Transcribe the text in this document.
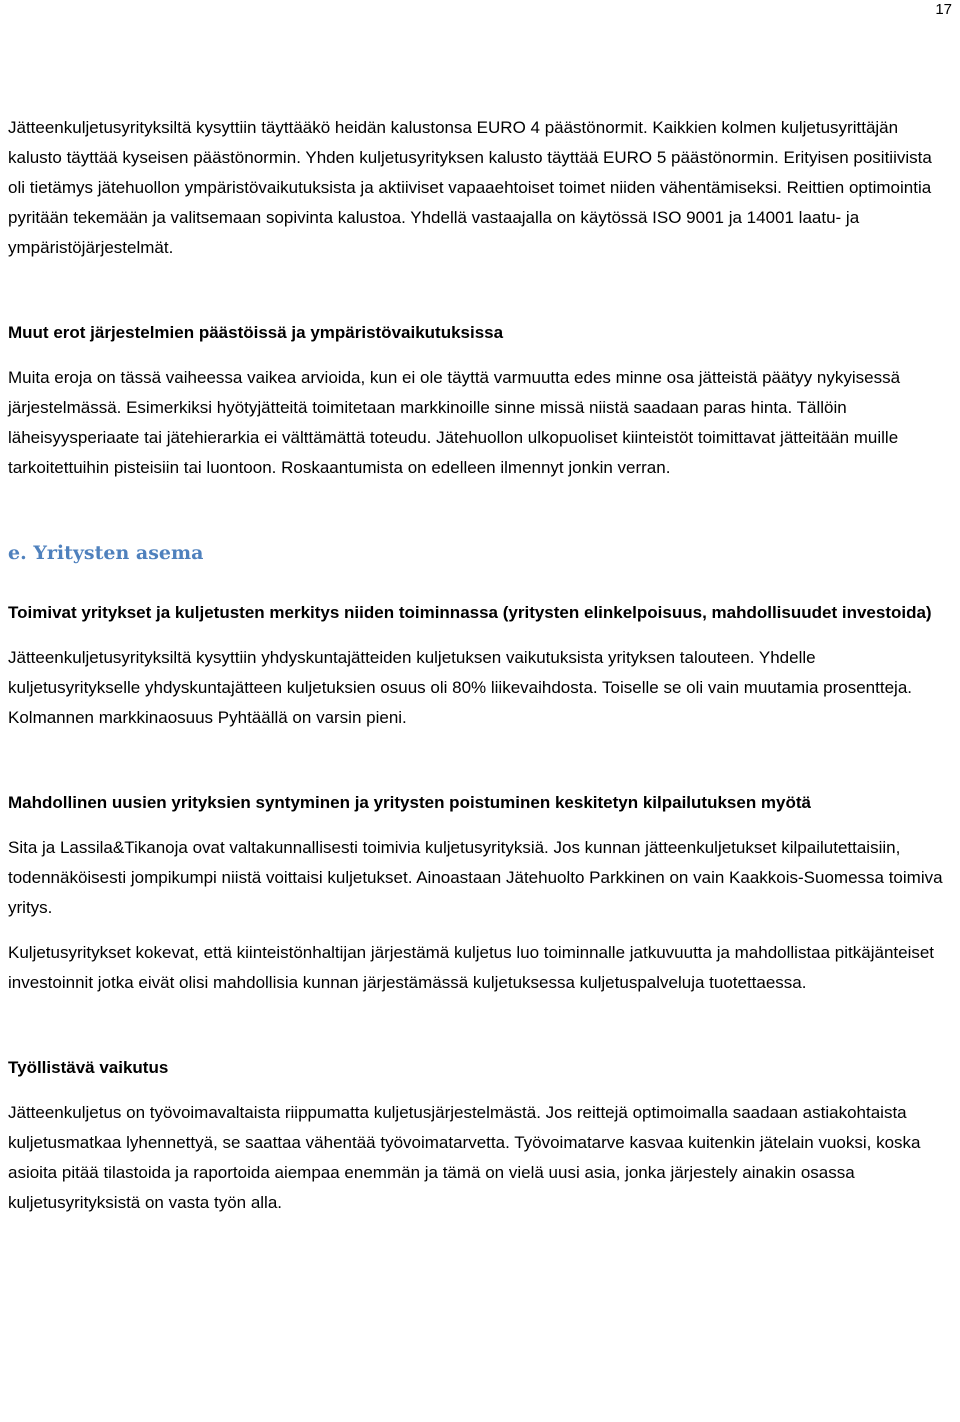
17

Jätteenkuljetusyrityksiltä kysyttiin täyttääkö heidän kalustonsa EURO 4 päästönormit. Kaikkien kolmen kuljetusyrittäjän kalusto täyttää kyseisen päästönormin. Yhden kuljetusyrityksen kalusto täyttää EURO 5 päästönormin. Erityisen positiivista oli tietämys jätehuollon ympäristövaikutuksista ja aktiiviset vapaaehtoiset toimet niiden vähentämiseksi. Reittien optimointia pyritään tekemään ja valitsemaan sopivinta kalustoa. Yhdellä vastaajalla on käytössä ISO 9001 ja 14001 laatu- ja ympäristöjärjestelmät.

Muut erot järjestelmien päästöissä ja ympäristövaikutuksissa

Muita eroja on tässä vaiheessa vaikea arvioida, kun ei ole täyttä varmuutta edes minne osa jätteistä päätyy nykyisessä järjestelmässä. Esimerkiksi hyötyjätteitä toimitetaan markkinoille sinne missä niistä saadaan paras hinta. Tällöin läheisyysperiaate tai jätehierarkia ei välttämättä toteudu. Jätehuollon ulkopuoliset kiinteistöt toimittavat jätteitään muille tarkoitettuihin pisteisiin tai luontoon. Roskaantumista on edelleen ilmennyt jonkin verran.

e. Yritysten asema
Toimivat yritykset ja kuljetusten merkitys niiden toiminnassa (yritysten elinkelpoisuus, mahdollisuudet investoida)

Jätteenkuljetusyrityksiltä kysyttiin yhdyskuntajätteiden kuljetuksen vaikutuksista yrityksen talouteen. Yhdelle kuljetusyritykselle yhdyskuntajätteen kuljetuksien osuus oli 80% liikevaihdosta. Toiselle se oli vain muutamia prosentteja. Kolmannen markkinaosuus Pyhtäällä on varsin pieni.

Mahdollinen uusien yrityksien syntyminen ja yritysten poistuminen keskitetyn kilpailutuksen myötä

Sita ja Lassila&Tikanoja ovat valtakunnallisesti toimivia kuljetusyrityksiä. Jos kunnan jätteenkuljetukset kilpailutettaisiin, todennäköisesti jompikumpi niistä voittaisi kuljetukset. Ainoastaan Jätehuolto Parkkinen on vain Kaakkois-Suomessa toimiva yritys.

Kuljetusyritykset kokevat, että kiinteistönhaltijan järjestämä kuljetus luo toiminnalle jatkuvuutta ja mahdollistaa pitkäjänteiset investoinnit jotka eivät olisi mahdollisia kunnan järjestämässä kuljetuksessa kuljetuspalveluja tuotettaessa.

Työllistävä vaikutus

Jätteenkuljetus on työvoimavaltaista riippumatta kuljetusjärjestelmästä. Jos reittejä optimoimalla saadaan astiakohtaista kuljetusmatkaa lyhennettyä, se saattaa vähentää työvoimatarvetta. Työvoimatarve kasvaa kuitenkin jätelain vuoksi, koska asioita pitää tilastoida ja raportoida aiempaa enemmän ja tämä on vielä uusi asia, jonka järjestely ainakin osassa kuljetusyrityksistä on vasta työn alla.
